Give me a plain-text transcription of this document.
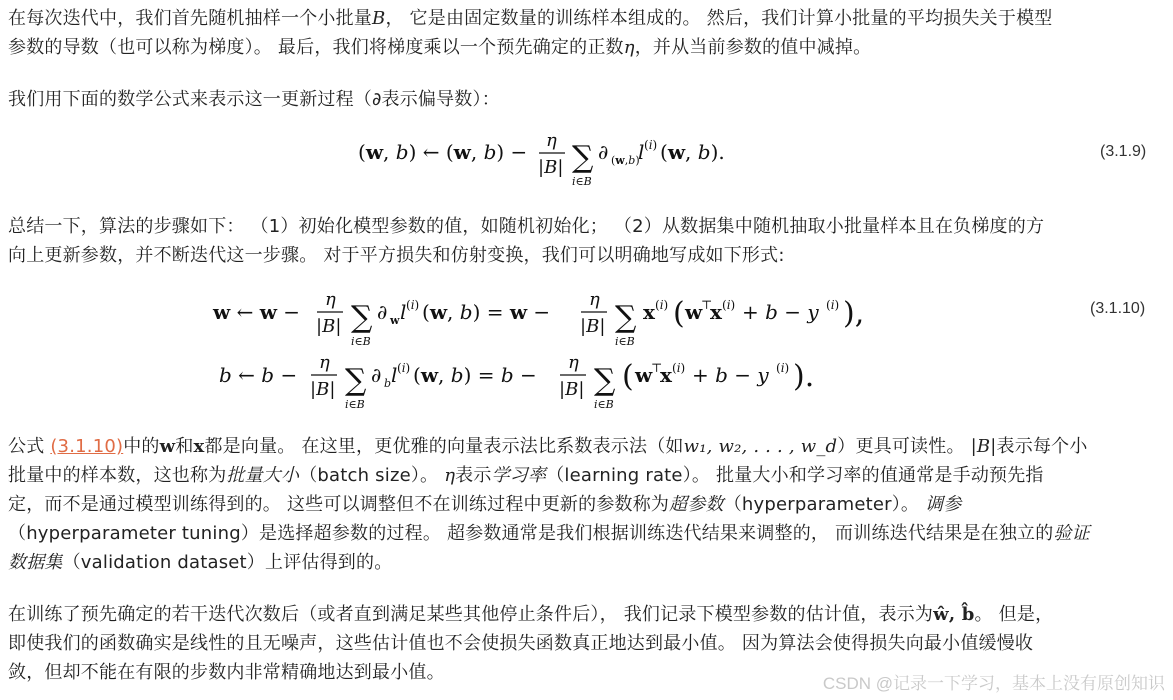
在每次迭代中，我们首先随机抽样一个小批量B， 它是由固定数量的训练样本组成的。 然后，我们计算小批量的平均损失关于模型
参数的导数（也可以称为梯度）。 最后，我们将梯度乘以一个预先确定的正数η，并从当前参数的值中减掉。
我们用下面的数学公式来表示这一更新过程（∂表示偏导数）：
(w, b) ← (w, b) − η
|B| ∑
i∈B
∂ (w,b)
l (i) (w, b).	(3.1.9)
总结一下，算法的步骤如下： （1）初始化模型参数的值，如随机初始化； （2）从数据集中随机抽取小批量样本且在负梯度的方
向上更新参数，并不断迭代这一步骤。 对于平方损失和仿射变换，我们可以明确地写成如下形式:
w ← w −
η
|B| ∑
i∈B
∂ w l (i) (w, b) = w −
η
|B| ∑
i∈B
x (i) ( w
⊤
x (i) + b − y (i) ),
b ← b −
η
|B| ∑
i∈B
∂ b l (i) (w, b) = b −
η
|B| ∑
i∈B
( w
⊤
x (i) + b − y (i) ).
(3.1.10)
公式 (3.1.10)中的w和x都是向量。 在这里，更优雅的向量表示法比系数表示法（如w₁, w₂, . . . , w_d）更具可读性。 |B|表示每个小
批量中的样本数，这也称为批量大小（batch size）。 η表示学习率（learning rate）。 批量大小和学习率的值通常是手动预先指
定，而不是通过模型训练得到的。 这些可以调整但不在训练过程中更新的参数称为超参数（hyperparameter）。 调参
（hyperparameter tuning）是选择超参数的过程。 超参数通常是我们根据训练迭代结果来调整的， 而训练迭代结果是在独立的验证
数据集（validation dataset）上评估得到的。
在训练了预先确定的若干迭代次数后（或者直到满足某些其他停止条件后）， 我们记录下模型参数的估计值，表示为ŵ, b̂。 但是，
即使我们的函数确实是线性的且无噪声，这些估计值也不会使损失函数真正地达到最小值。 因为算法会使得损失向最小值缓慢收
敛，但却不能在有限的步数内非常精确地达到最小值。
CSDN @记录一下学习，基本上没有原创知识
